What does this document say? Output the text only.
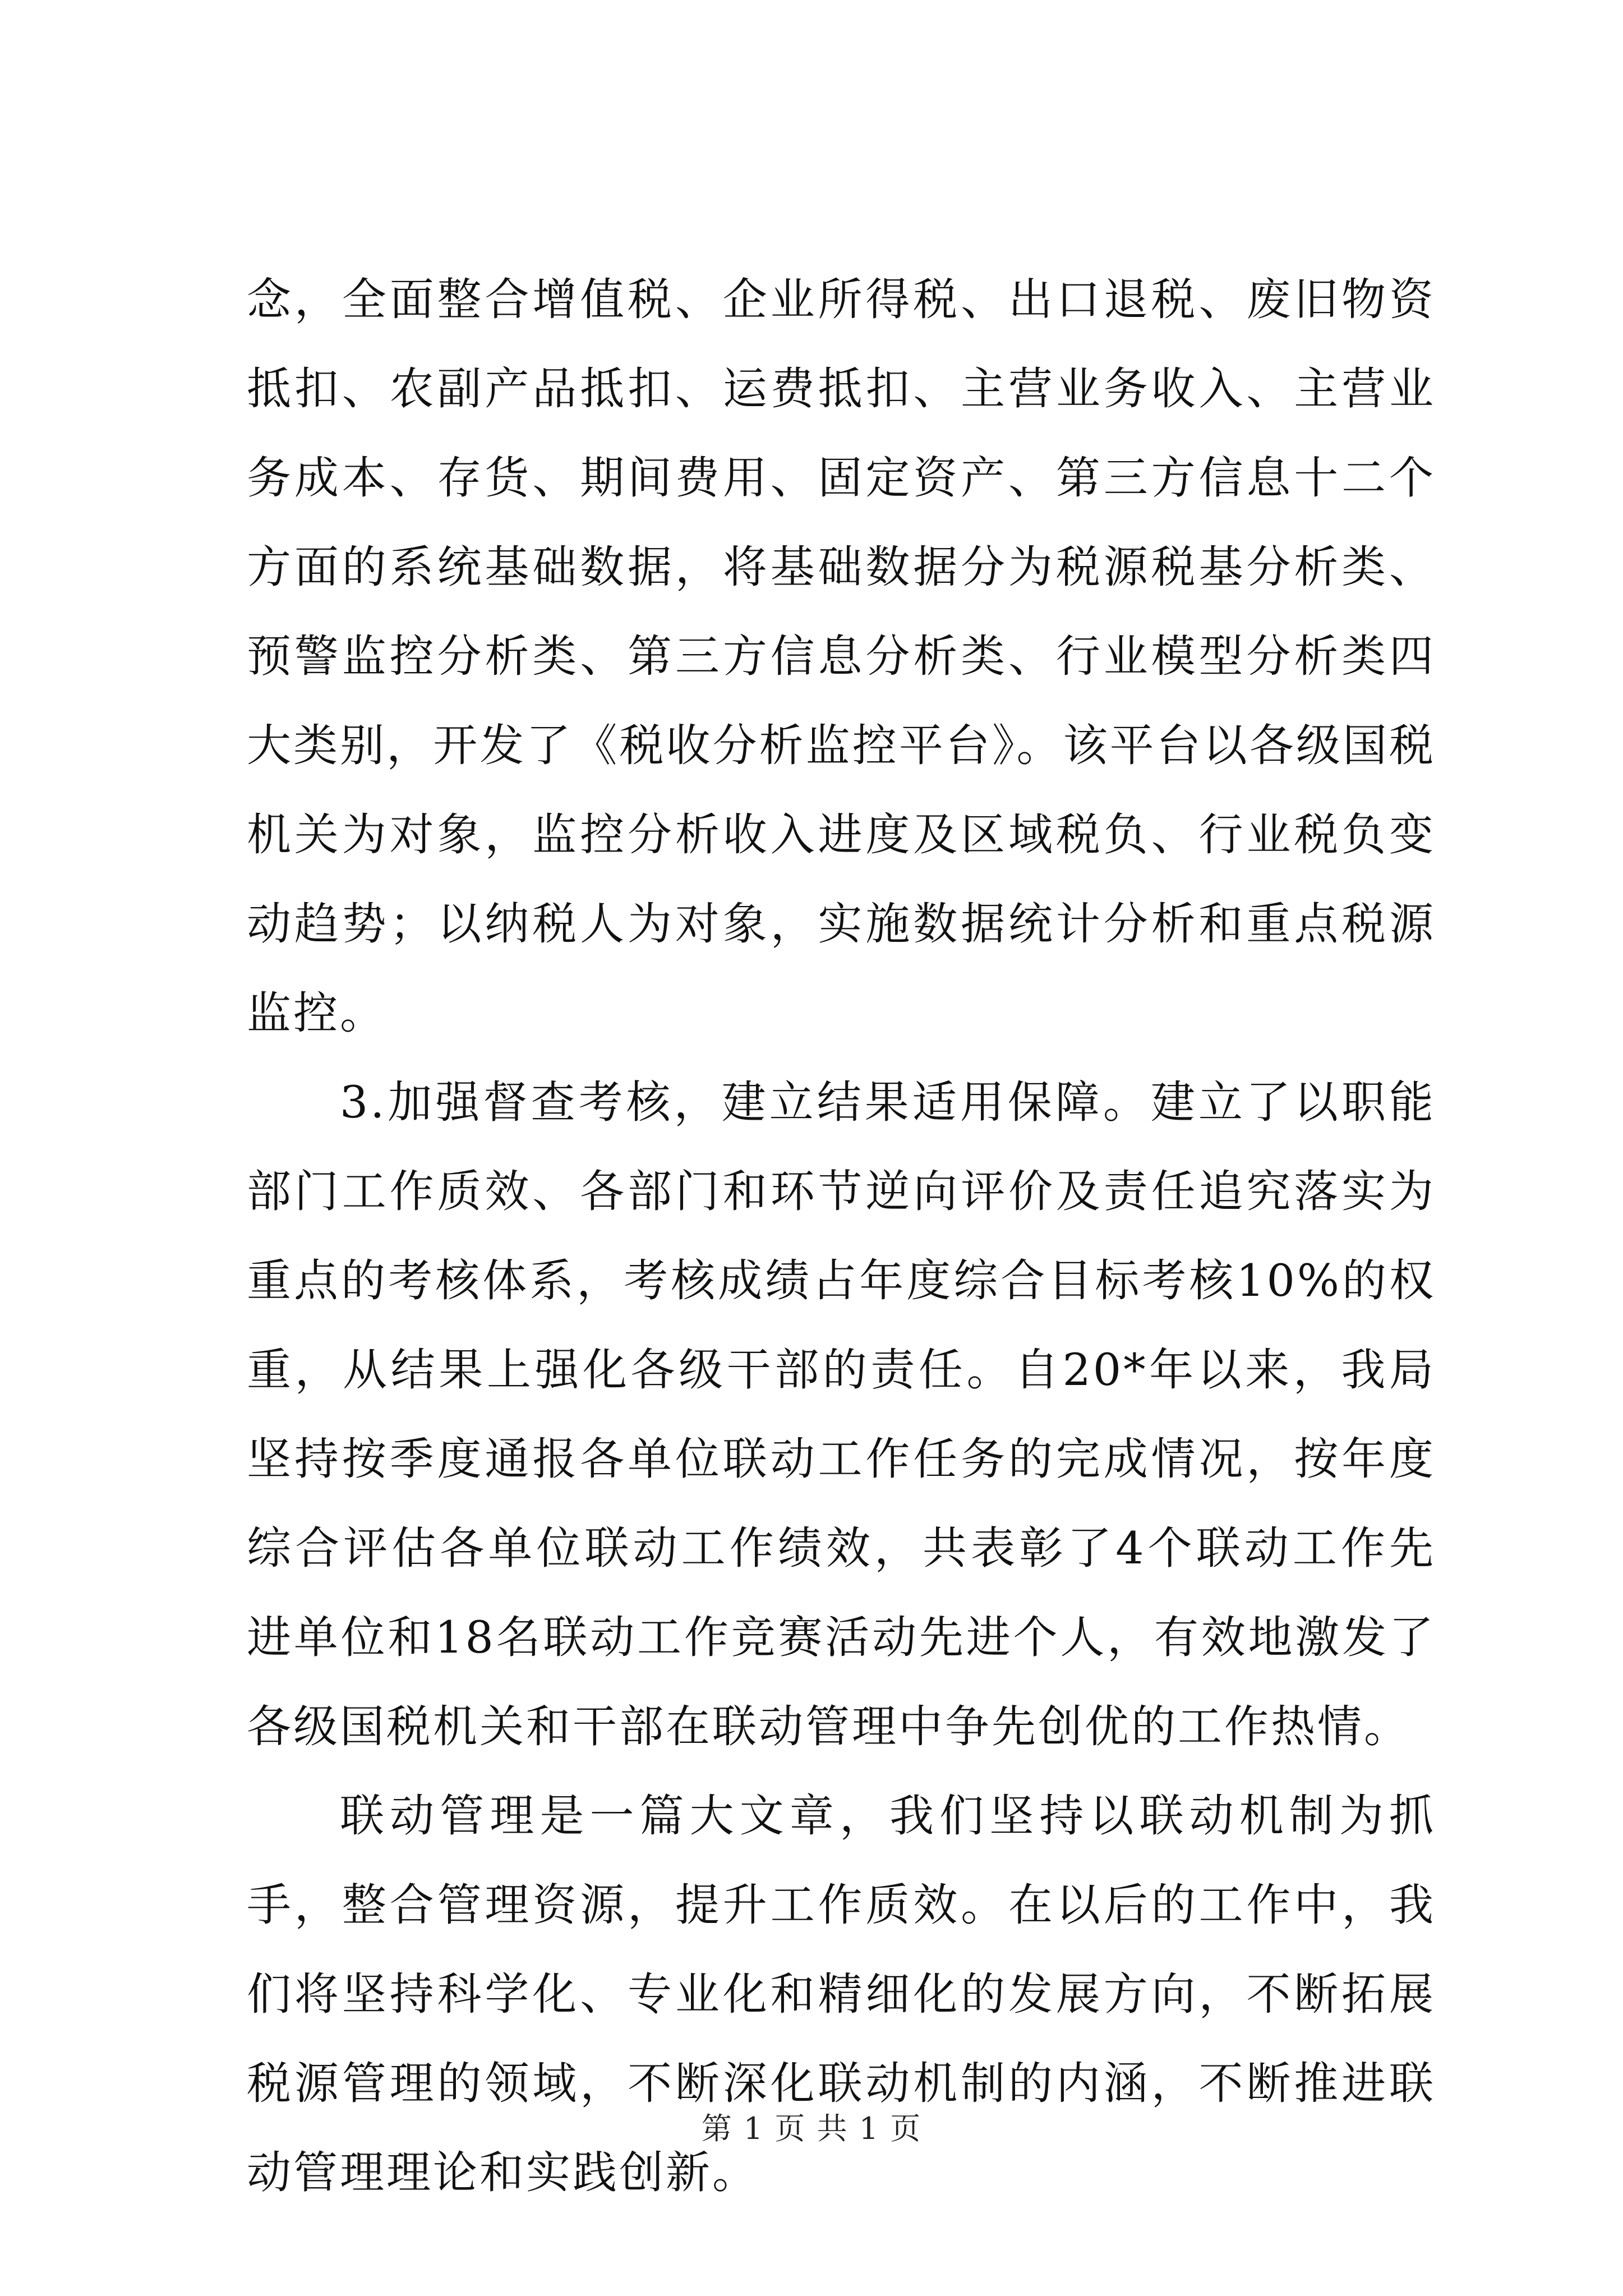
念，全面整合增值税、企业所得税、出口退税、废旧物资抵扣、农副产品抵扣、运费抵扣、主营业务收入、主营业务成本、存货、期间费用、固定资产、第三方信息十二个方面的系统基础数据，将基础数据分为税源税基分析类、预警监控分析类、第三方信息分析类、行业模型分析类四大类别，开发了《税收分析监控平台》。该平台以各级国税机关为对象，监控分析收入进度及区域税负、行业税负变动趋势；以纳税人为对象，实施数据统计分析和重点税源监控。

3.加强督查考核，建立结果适用保障。建立了以职能部门工作质效、各部门和环节逆向评价及责任追究落实为重点的考核体系，考核成绩占年度综合目标考核10%的权重，从结果上强化各级干部的责任。自20*年以来，我局坚持按季度通报各单位联动工作任务的完成情况，按年度综合评估各单位联动工作绩效，共表彰了4个联动工作先进单位和18名联动工作竞赛活动先进个人，有效地激发了各级国税机关和干部在联动管理中争先创优的工作热情。

联动管理是一篇大文章，我们坚持以联动机制为抓手，整合管理资源，提升工作质效。在以后的工作中，我们将坚持科学化、专业化和精细化的发展方向，不断拓展税源管理的领域，不断深化联动机制的内涵，不断推进联动管理理论和实践创新。

第 1 页 共 1 页
